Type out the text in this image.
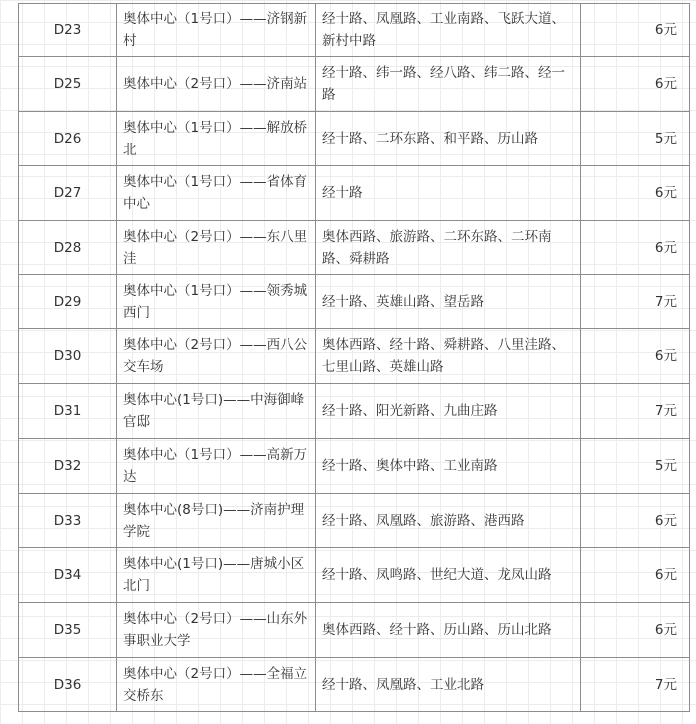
D23	奥体中心（1号口）——济钢新村	经十路、凤凰路、工业南路、飞跃大道、新村中路	6元

D25	奥体中心（2号口）——济南站	经十路、纬一路、经八路、纬二路、经一路	6元

D26	奥体中心（1号口）——解放桥北	经十路、二环东路、和平路、历山路	5元

D27	奥体中心（1号口）——省体育中心	经十路	6元

D28	奥体中心（2号口）——东八里洼	奥体西路、旅游路、二环东路、二环南路、舜耕路	6元

D29	奥体中心（1号口）——领秀城西门	经十路、英雄山路、望岳路	7元

D30	奥体中心（2号口）——西八公交车场	奥体西路、经十路、舜耕路、八里洼路、七里山路、英雄山路	6元

D31	奥体中心(1号口)——中海御峰官邸	经十路、阳光新路、九曲庄路	7元

D32	奥体中心（1号口）——高新万达	经十路、奥体中路、工业南路	5元

D33	奥体中心(8号口)——济南护理学院	经十路、凤凰路、旅游路、港西路	6元

D34	奥体中心(1号口)——唐城小区北门	经十路、凤鸣路、世纪大道、龙凤山路	6元

D35	奥体中心（2号口）——山东外事职业大学	奥体西路、经十路、历山路、历山北路	6元

D36	奥体中心（2号口）——全福立交桥东	经十路、凤凰路、工业北路	7元
